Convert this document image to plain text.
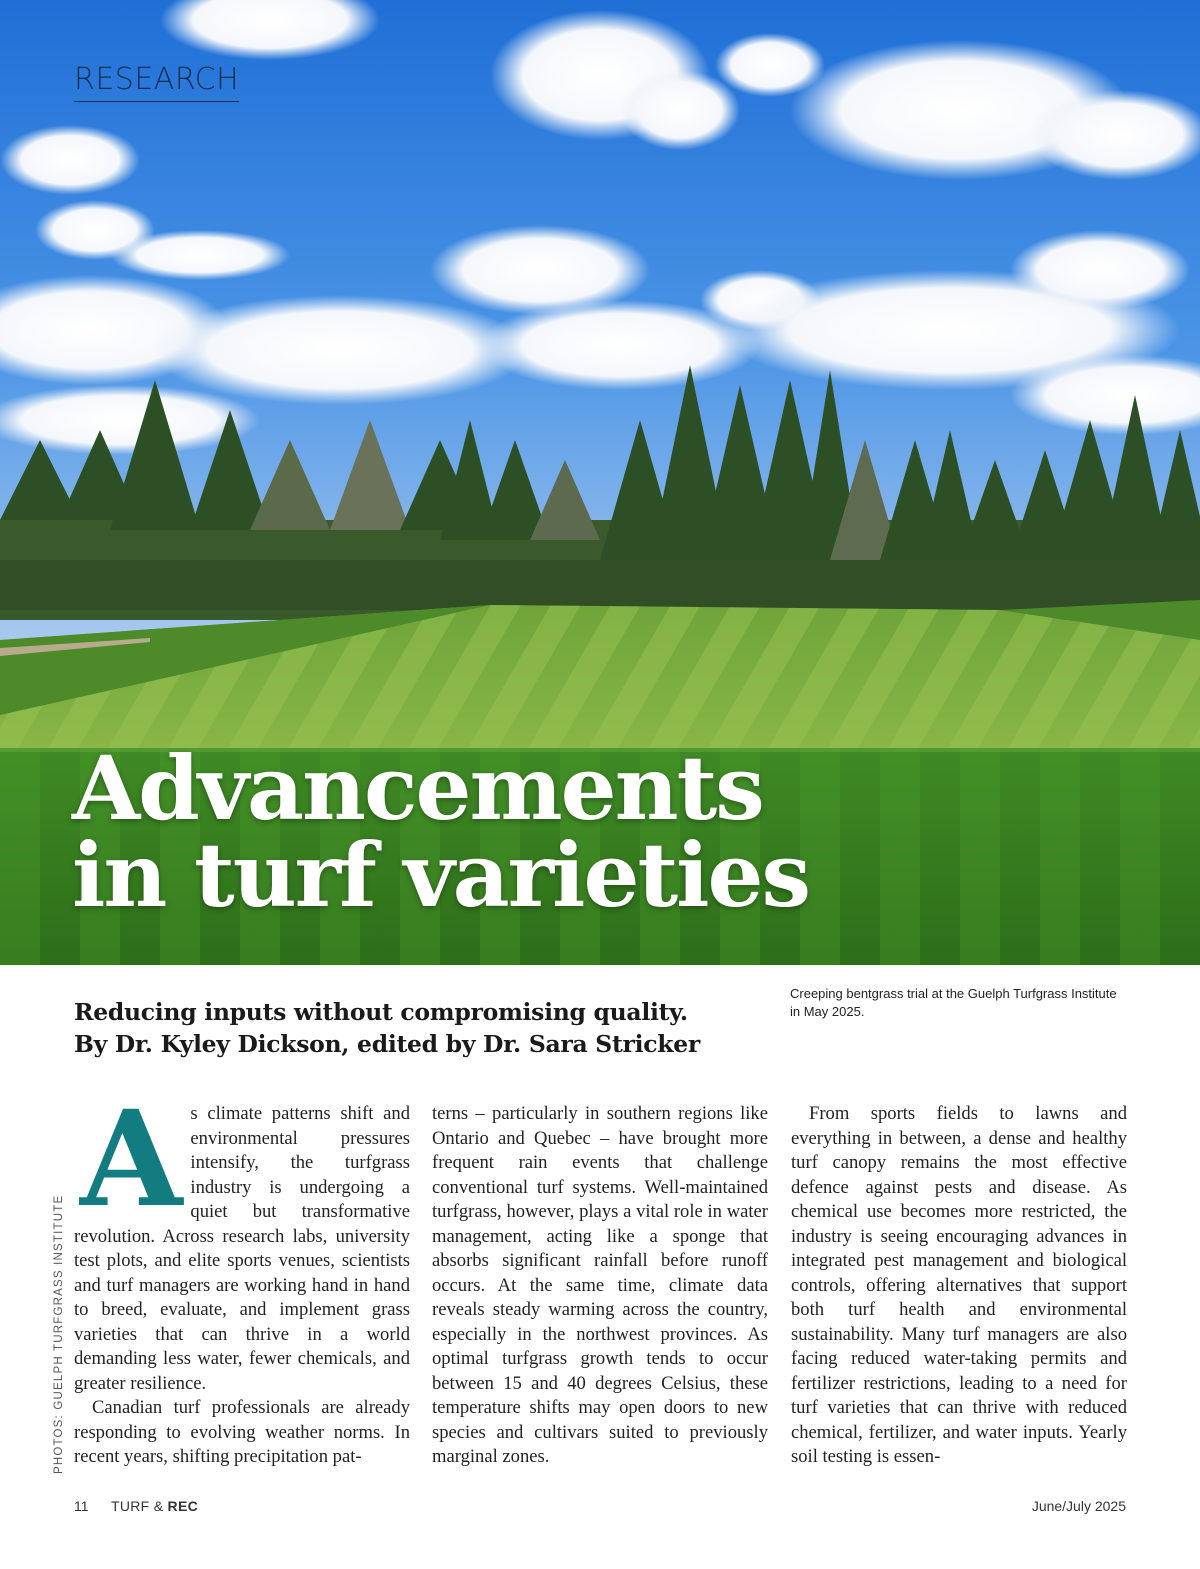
RESEARCH
Advancements
in turf varieties
Reducing inputs without compromising quality.
By Dr. Kyley Dickson, edited by Dr. Sara Stricker
Creeping bentgrass trial at the Guelph Turfgrass Institute in May 2025.

As climate patterns shift and environmental pressures intensify, the turfgrass industry is undergoing a quiet but transformative revolution. Across research labs, university test plots, and elite sports venues, scientists and turf managers are working hand in hand to breed, evaluate, and implement grass varieties that can thrive in a world demanding less water, fewer chemicals, and greater resilience.

Canadian turf professionals are already responding to evolving weather norms. In recent years, shifting precipitation pat-

terns – particularly in southern regions like Ontario and Quebec – have brought more frequent rain events that challenge conventional turf systems. Well-maintained turfgrass, however, plays a vital role in water management, acting like a sponge that absorbs significant rainfall before runoff occurs. At the same time, climate data reveals steady warming across the country, especially in the northwest provinces. As optimal turfgrass growth tends to occur between 15 and 40 degrees Celsius, these temperature shifts may open doors to new species and cultivars suited to previously marginal zones.

From sports fields to lawns and everything in between, a dense and healthy turf canopy remains the most effective defence against pests and disease. As chemical use becomes more restricted, the industry is seeing encouraging advances in integrated pest management and biological controls, offering alternatives that support both turf health and environmental sustainability. Many turf managers are also facing reduced water-taking permits and fertilizer restrictions, leading to a need for turf varieties that can thrive with reduced chemical, fertilizer, and water inputs. Yearly soil testing is essen-

PHOTOS: GUELPH TURFGRASS INSTITUTE
11 TURF & REC	June/July 2025
